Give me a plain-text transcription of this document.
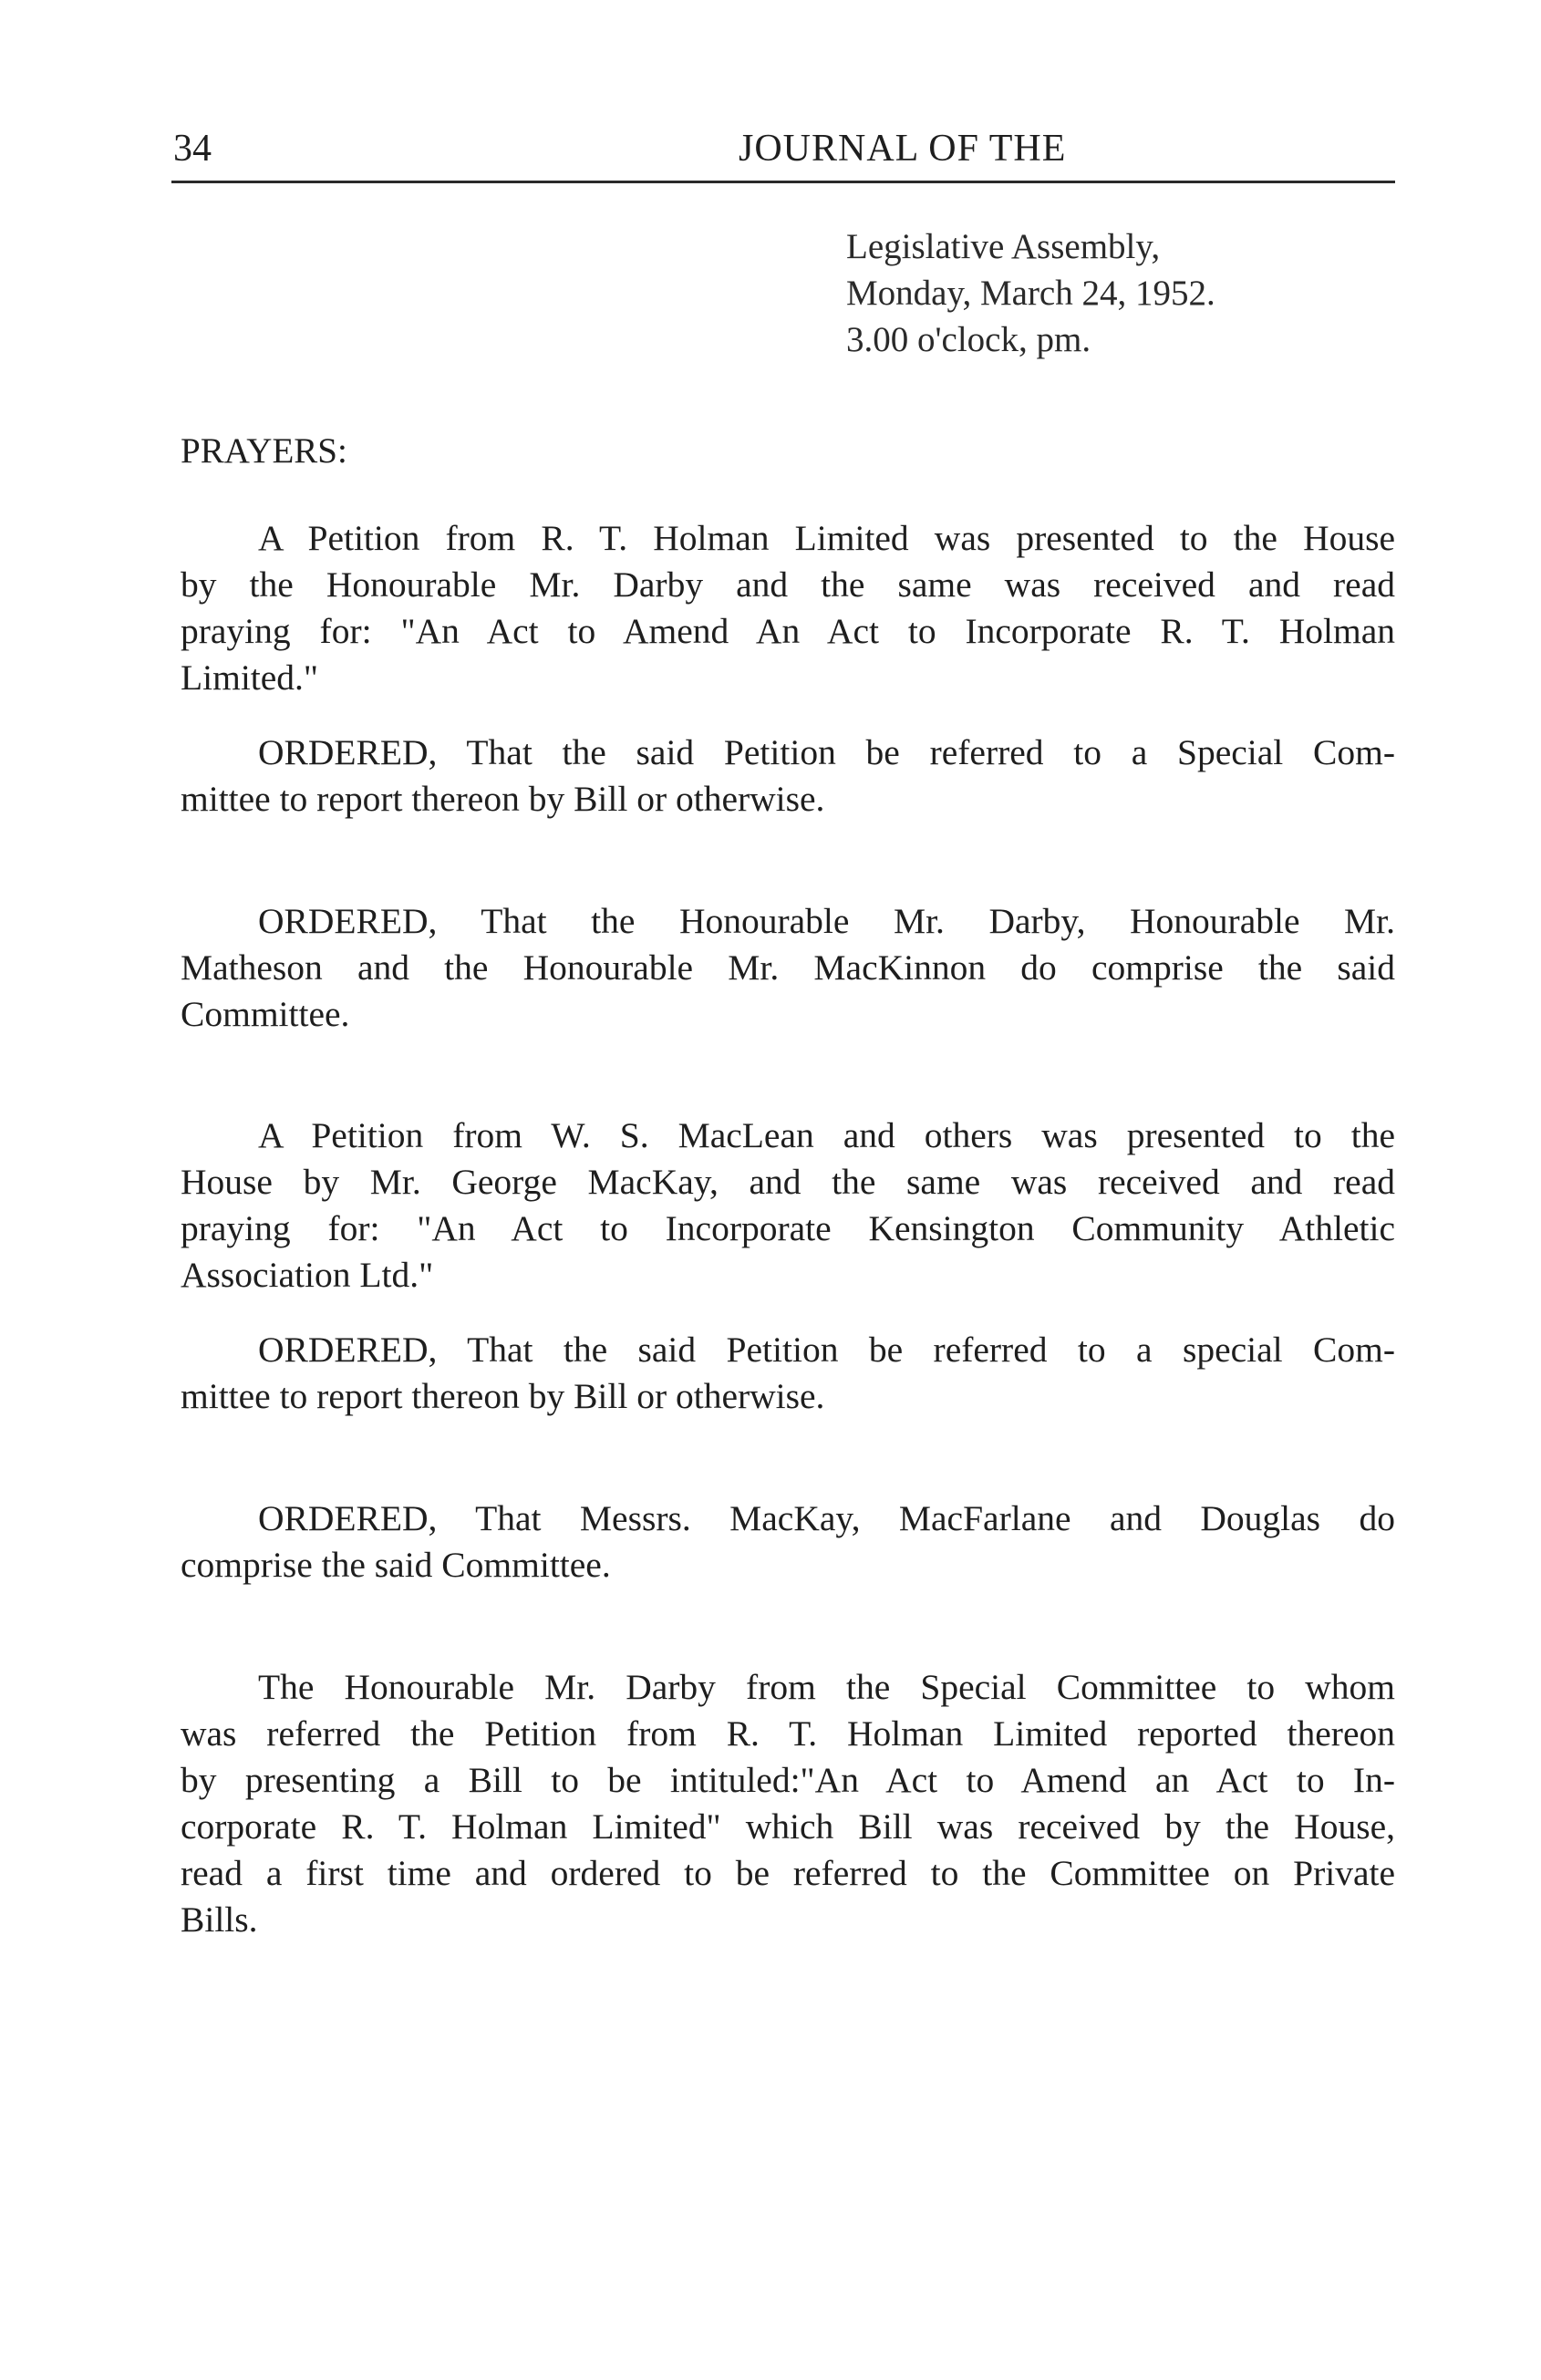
34	JOURNAL OF THE
Legislative Assembly,
Monday, March 24, 1952.
3.00 o'clock, pm.
PRAYERS:
A Petition from R. T. Holman Limited was presented to the House
by the Honourable Mr. Darby and the same was received and read
praying for: "An Act to Amend An Act to Incorporate R. T. Holman
Limited."
ORDERED, That the said Petition be referred to a Special Com-
mittee to report thereon by Bill or otherwise.
ORDERED, That the Honourable Mr. Darby, Honourable Mr.
Matheson and the Honourable Mr. MacKinnon do comprise the said
Committee.
A Petition from W. S. MacLean and others was presented to the
House by Mr. George MacKay, and the same was received and read
praying for: "An Act to Incorporate Kensington Community Athletic
Association Ltd."
ORDERED, That the said Petition be referred to a special Com-
mittee to report thereon by Bill or otherwise.
ORDERED, That Messrs. MacKay, MacFarlane and Douglas do
comprise the said Committee.
The Honourable Mr. Darby from the Special Committee to whom
was referred the Petition from R. T. Holman Limited reported thereon
by presenting a Bill to be intituled:"An Act to Amend an Act to In-
corporate R. T. Holman Limited" which Bill was received by the House,
read a first time and ordered to be referred to the Committee on Private
Bills.
